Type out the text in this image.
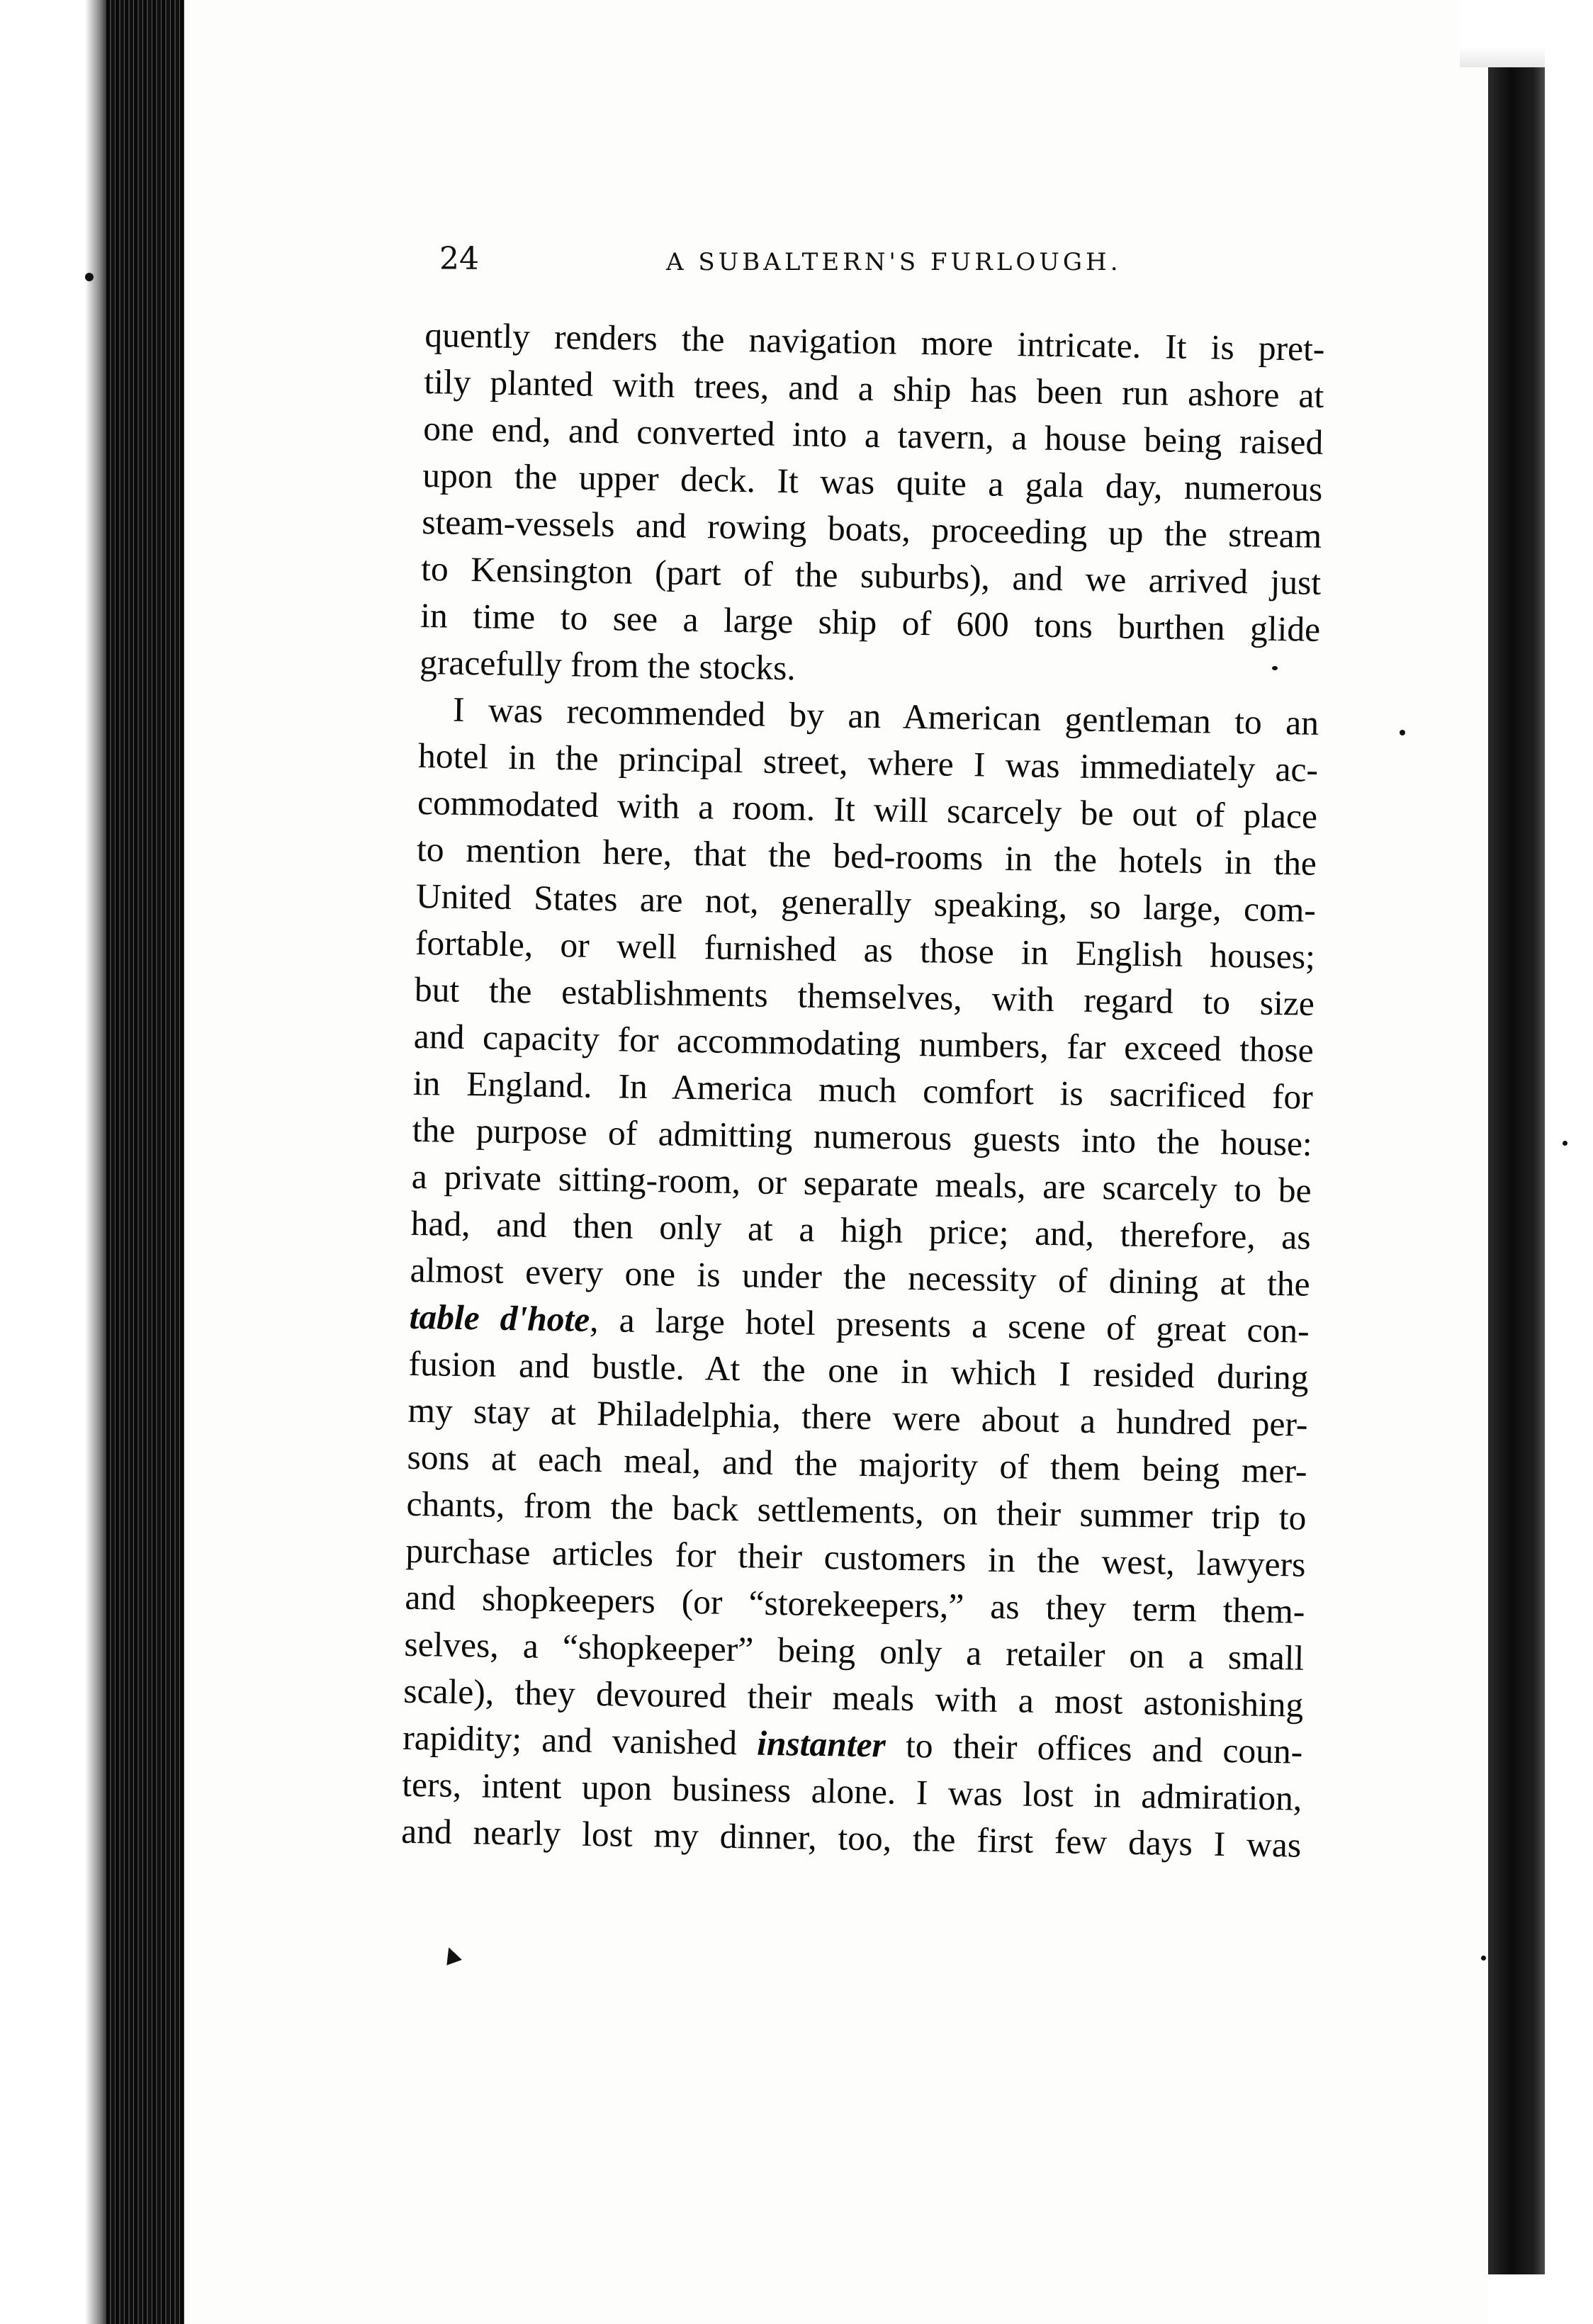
24	A SUBALTERN'S FURLOUGH.
quently renders the navigation more intricate. It is pret-
tily planted with trees, and a ship has been run ashore at
one end, and converted into a tavern, a house being raised
upon the upper deck. It was quite a gala day, numerous
steam-vessels and rowing boats, proceeding up the stream
to Kensington (part of the suburbs), and we arrived just
in time to see a large ship of 600 tons burthen glide
gracefully from the stocks.
I was recommended by an American gentleman to an
hotel in the principal street, where I was immediately ac-
commodated with a room. It will scarcely be out of place
to mention here, that the bed-rooms in the hotels in the
United States are not, generally speaking, so large, com-
fortable, or well furnished as those in English houses;
but the establishments themselves, with regard to size
and capacity for accommodating numbers, far exceed those
in England. In America much comfort is sacrificed for
the purpose of admitting numerous guests into the house:
a private sitting-room, or separate meals, are scarcely to be
had, and then only at a high price; and, therefore, as
almost every one is under the necessity of dining at the
table d'hote, a large hotel presents a scene of great con-
fusion and bustle. At the one in which I resided during
my stay at Philadelphia, there were about a hundred per-
sons at each meal, and the majority of them being mer-
chants, from the back settlements, on their summer trip to
purchase articles for their customers in the west, lawyers
and shopkeepers (or “storekeepers,” as they term them-
selves, a “shopkeeper” being only a retailer on a small
scale), they devoured their meals with a most astonishing
rapidity; and vanished instanter to their offices and coun-
ters, intent upon business alone. I was lost in admiration,
and nearly lost my dinner, too, the first few days I was
▲
